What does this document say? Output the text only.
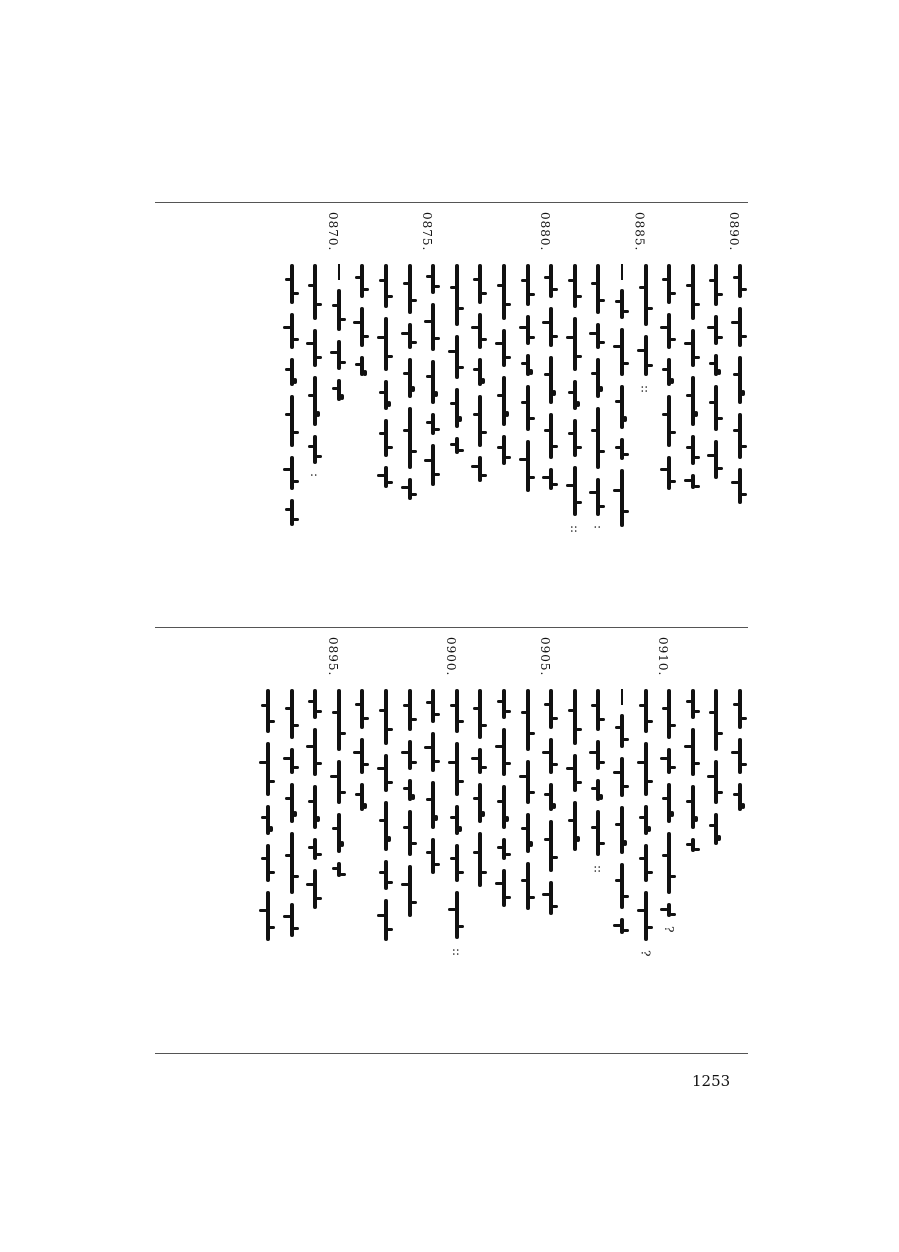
0890.
0885.
::
:
::
0880.
0875.
0870.
:
0910.
?
?
::
0905.
0900.
::
0895.
1253
